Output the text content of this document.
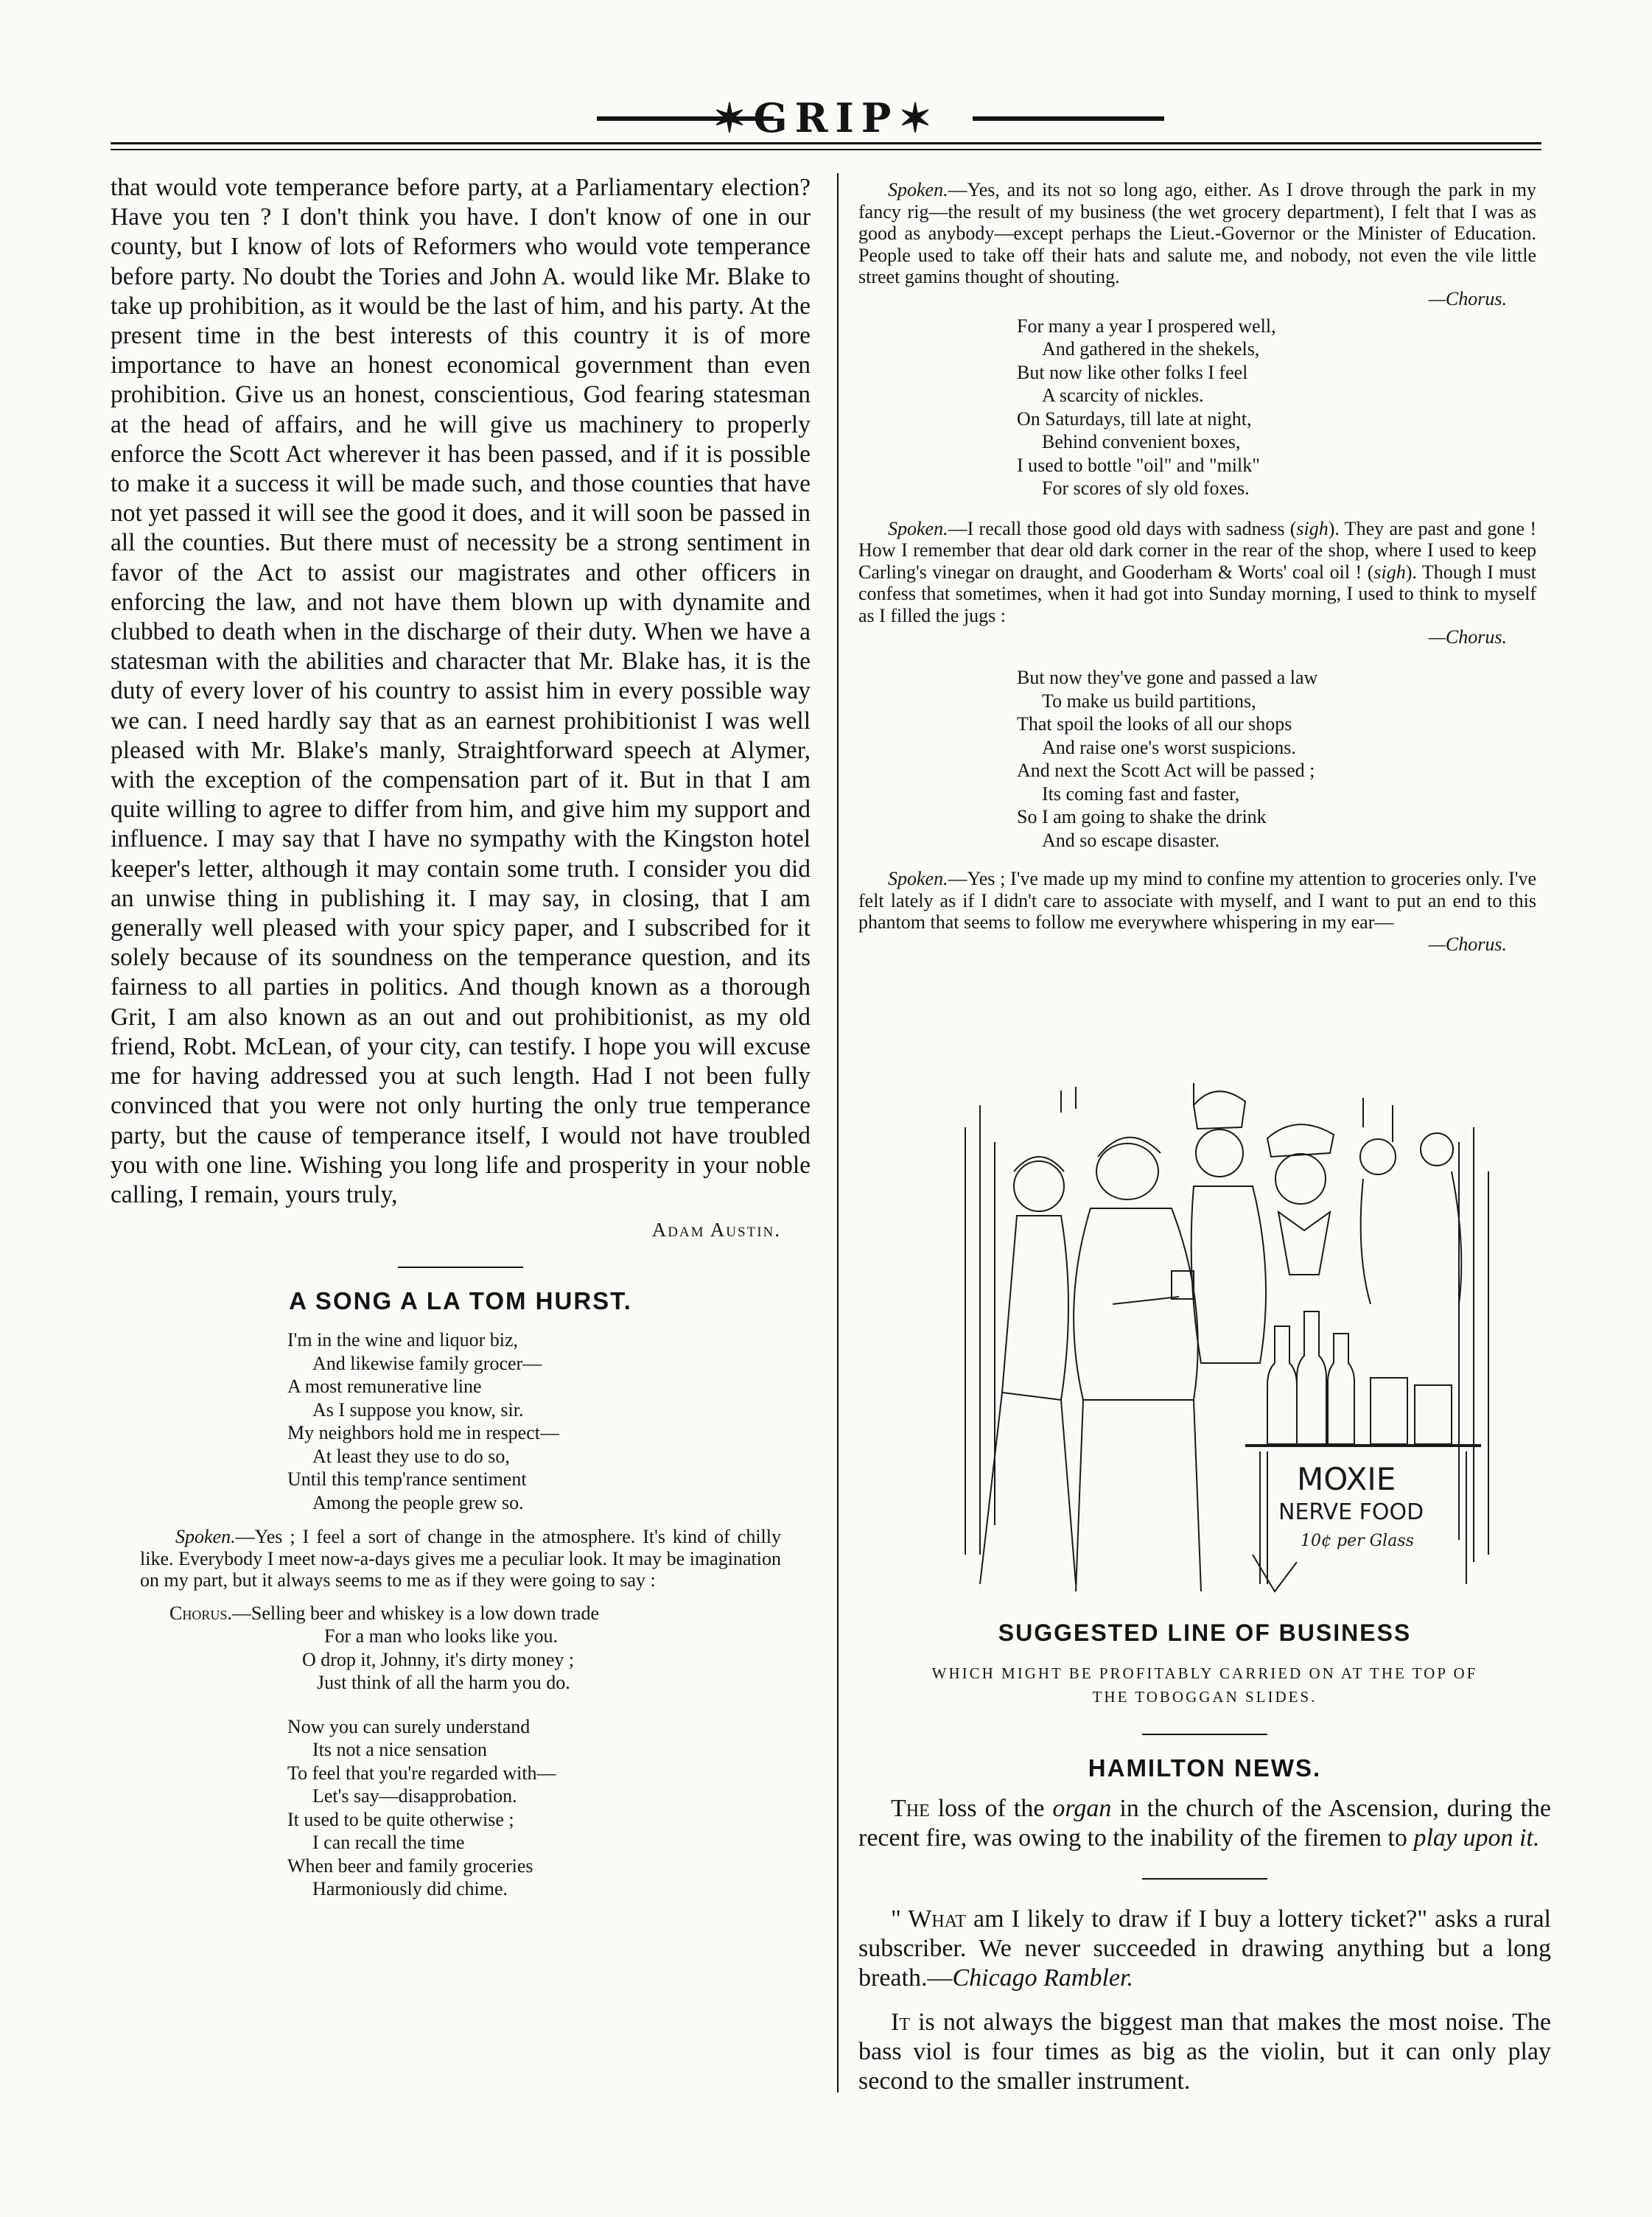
✶GRIP✶

that would vote temperance before party, at a Parliamentary election? Have you ten ? I don't think you have. I don't know of one in our county, but I know of lots of Reformers who would vote temperance before party. No doubt the Tories and John A. would like Mr. Blake to take up prohibition, as it would be the last of him, and his party. At the present time in the best interests of this country it is of more importance to have an honest economical government than even prohibition. Give us an honest, conscientious, God fearing statesman at the head of affairs, and he will give us machinery to properly enforce the Scott Act wherever it has been passed, and if it is possible to make it a success it will be made such, and those counties that have not yet passed it will see the good it does, and it will soon be passed in all the counties. But there must of necessity be a strong sentiment in favor of the Act to assist our magistrates and other officers in enforcing the law, and not have them blown up with dynamite and clubbed to death when in the discharge of their duty. When we have a statesman with the abilities and character that Mr. Blake has, it is the duty of every lover of his country to assist him in every possible way we can. I need hardly say that as an earnest prohibitionist I was well pleased with Mr. Blake's manly, Straightforward speech at Alymer, with the exception of the compensation part of it. But in that I am quite willing to agree to differ from him, and give him my support and influence. I may say that I have no sympathy with the Kingston hotel keeper's letter, although it may contain some truth. I consider you did an unwise thing in publishing it. I may say, in closing, that I am generally well pleased with your spicy paper, and I subscribed for it solely because of its soundness on the temperance question, and its fairness to all parties in politics. And though known as a thorough Grit, I am also known as an out and out prohibitionist, as my old friend, Robt. McLean, of your city, can testify. I hope you will excuse me for having addressed you at such length. Had I not been fully convinced that you were not only hurting the only true temperance party, but the cause of temperance itself, I would not have troubled you with one line. Wishing you long life and prosperity in your noble calling, I remain, yours truly,

Adam Austin.

A SONG A LA TOM HURST.

I'm in the wine and liquor biz,
And likewise family grocer—
A most remunerative line
As I suppose you know, sir.
My neighbors hold me in respect—
At least they use to do so,
Until this temp'rance sentiment
Among the people grew so.

Spoken.—Yes ; I feel a sort of change in the atmosphere. It's kind of chilly like. Everybody I meet now-a-days gives me a peculiar look. It may be imagination on my part, but it always seems to me as if they were going to say :

Chorus.—Selling beer and whiskey is a low down trade
For a man who looks like you.
O drop it, Johnny, it's dirty money ;
Just think of all the harm you do.
Now you can surely understand
Its not a nice sensation
To feel that you're regarded with—
Let's say—disapprobation.
It used to be quite otherwise ;
I can recall the time
When beer and family groceries
Harmoniously did chime.

Spoken.—Yes, and its not so long ago, either. As I drove through the park in my fancy rig—the result of my business (the wet grocery department), I felt that I was as good as anybody—except perhaps the Lieut.-Governor or the Minister of Education. People used to take off their hats and salute me, and nobody, not even the vile little street gamins thought of shouting.

—Chorus.

For many a year I prospered well,
And gathered in the shekels,
But now like other folks I feel
A scarcity of nickles.
On Saturdays, till late at night,
Behind convenient boxes,
I used to bottle "oil" and "milk"
For scores of sly old foxes.

Spoken.—I recall those good old days with sadness (sigh). They are past and gone ! How I remember that dear old dark corner in the rear of the shop, where I used to keep Carling's vinegar on draught, and Gooderham & Worts' coal oil ! (sigh). Though I must confess that sometimes, when it had got into Sunday morning, I used to think to myself as I filled the jugs :

—Chorus.

But now they've gone and passed a law
To make us build partitions,
That spoil the looks of all our shops
And raise one's worst suspicions.
And next the Scott Act will be passed ;
Its coming fast and faster,
So I am going to shake the drink
And so escape disaster.

Spoken.—Yes ; I've made up my mind to confine my attention to groceries only. I've felt lately as if I didn't care to associate with myself, and I want to put an end to this phantom that seems to follow me everywhere whispering in my ear—

—Chorus.

MOXIE
NERVE FOOD
10¢ per Glass

SUGGESTED LINE OF BUSINESS

WHICH MIGHT BE PROFITABLY CARRIED ON AT THE TOP OF

THE TOBOGGAN SLIDES.

HAMILTON NEWS.

The loss of the organ in the church of the Ascension, during the recent fire, was owing to the inability of the firemen to play upon it.

" What am I likely to draw if I buy a lottery ticket?" asks a rural subscriber. We never succeeded in drawing anything but a long breath.—Chicago Rambler.

It is not always the biggest man that makes the most noise. The bass viol is four times as big as the violin, but it can only play second to the smaller instrument.
